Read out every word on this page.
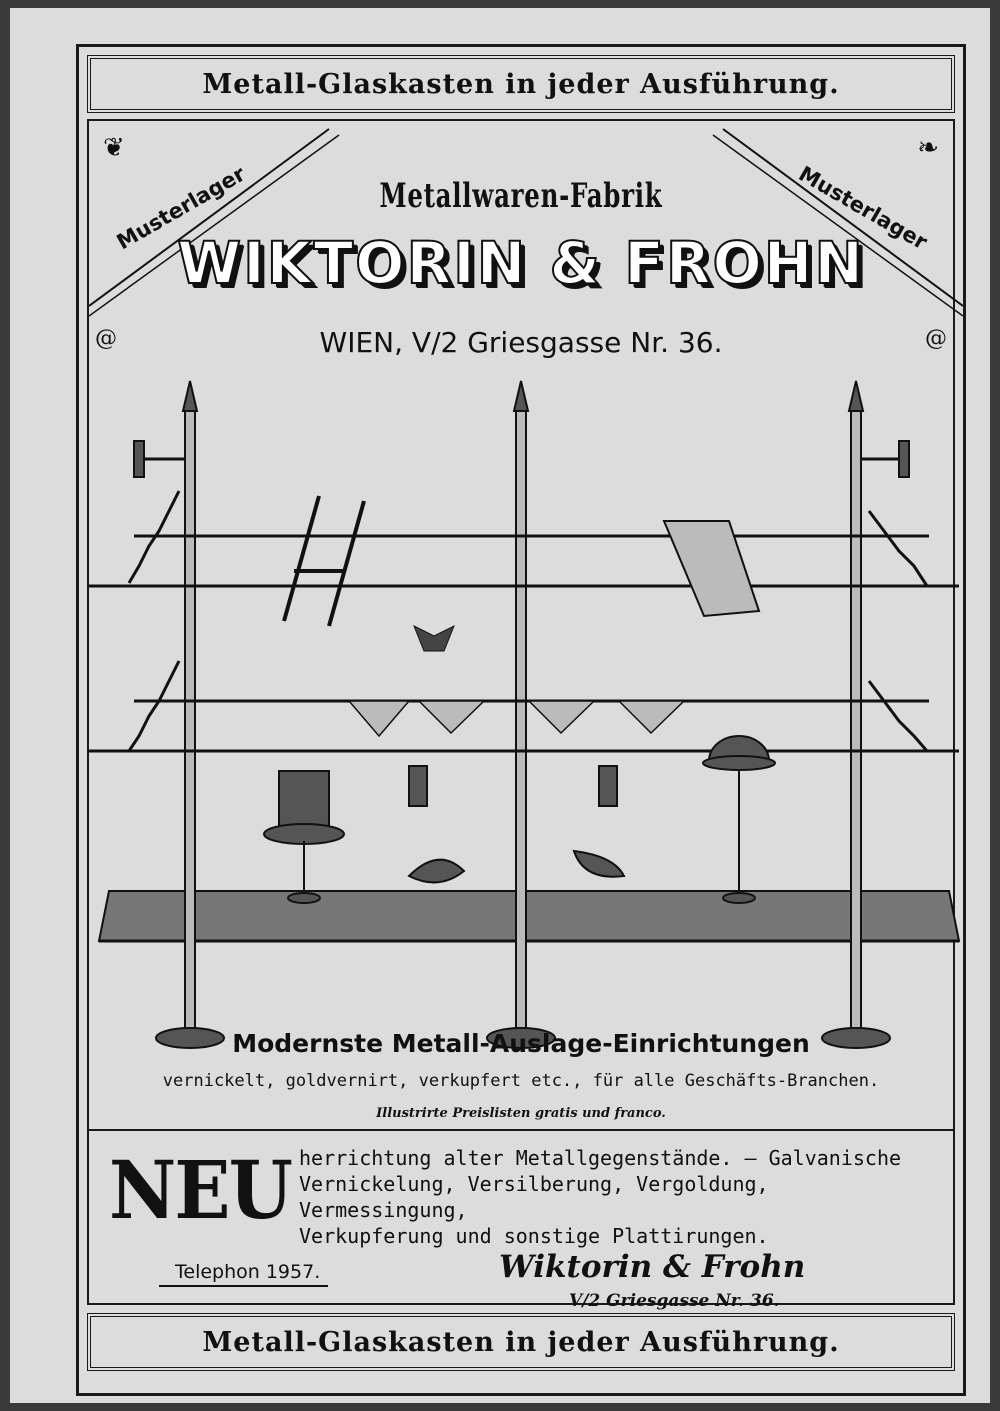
Metall-Glaskasten in jeder Ausführung.
❦	❧
@	@
Musterlager	Musterlager
Metallwaren-Fabrik
WIKTORIN & FROHN
WIEN, V/2 Griesgasse Nr. 36.
Modernste Metall-Auslage-Einrichtungen
vernickelt, goldvernirt, verkupfert etc., für alle Geschäfts-Branchen.
Illustrirte Preislisten gratis und franco.
NEU herrichtung alter Metallgegenstände. — Galvanische
Vernickelung, Versilberung, Vergoldung, Vermessingung,
Verkupferung und sonstige Plattirungen.
Telephon 1957.	Wiktorin & Frohn
V/2 Griesgasse Nr. 36.
Metall-Glaskasten in jeder Ausführung.
